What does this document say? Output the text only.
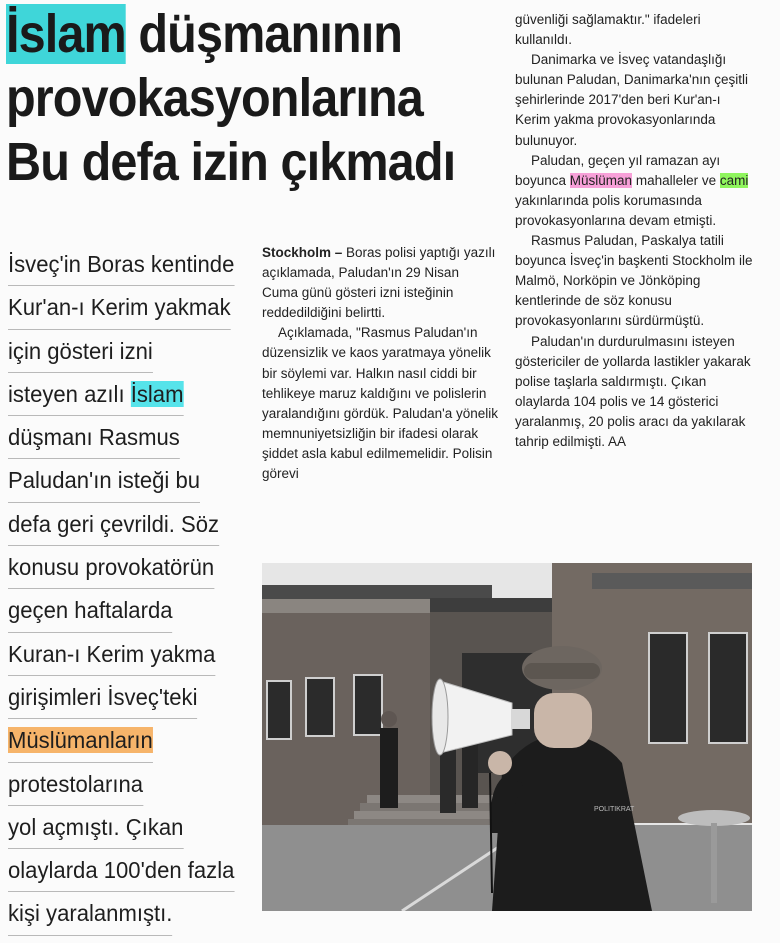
İslam düşmanının
provokasyonlarına
Bu defa izin çıkmadı
İsveç'in Boras kentinde
Kur'an-ı Kerim yakmak
için gösteri izni
isteyen azılı İslam
düşmanı Rasmus
Paludan'ın isteği bu
defa geri çevrildi. Söz
konusu provokatörün
geçen haftalarda
Kuran-ı Kerim yakma
girişimleri İsveç'teki
Müslümanların
protestolarına
yol açmıştı. Çıkan
olaylarda 100'den fazla
kişi yaralanmıştı.

Stockholm – Boras polisi yaptığı yazılı açıklamada, Paludan'ın 29 Nisan Cuma günü gösteri izni isteğinin reddedildiğini belirtti.

Açıklamada, "Rasmus Paludan'ın düzensizlik ve kaos yaratmaya yönelik bir söylemi var. Halkın nasıl ciddi bir tehlikeye maruz kaldığını ve polislerin yaralandığını gördük. Paludan'a yönelik memnuniyetsizliğin bir ifadesi olarak şiddet asla kabul edilmemelidir. Polisin görevi

güvenliği sağlamaktır." ifadeleri kullanıldı.

Danimarka ve İsveç vatandaşlığı bulunan Paludan, Danimarka'nın çeşitli şehirlerinde 2017'den beri Kur'an-ı Kerim yakma provokasyonlarında bulunuyor.

Paludan, geçen yıl ramazan ayı boyunca Müslüman mahalleler ve cami yakınlarında polis korumasında provokasyonlarına devam etmişti.

Rasmus Paludan, Paskalya tatili boyunca İsveç'in başkenti Stockholm ile Malmö, Norköpin ve Jönköping kentlerinde de söz konusu provokasyonlarını sürdürmüştü.

Paludan'ın durdurulmasını isteyen göstericiler de yollarda lastikler yakarak polise taşlarla saldırmıştı. Çıkan olaylarda 104 polis ve 14 gösterici yaralanmış, 20 polis aracı da yakılarak tahrip edilmişti. AA

POLITIKRAT
